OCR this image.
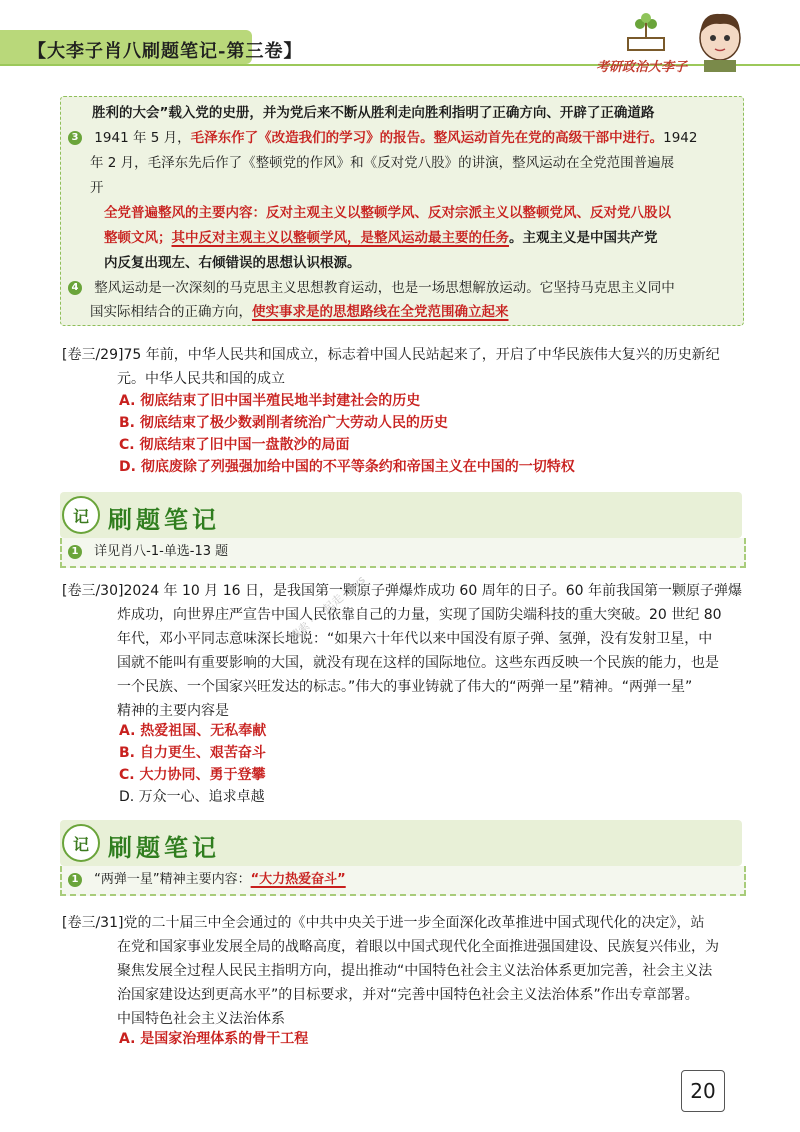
【大李子肖八刷题笔记-第三卷】
考研政治大李子
胜利的大会”载入党的史册，并为党后来不断从胜利走向胜利指明了正确方向、开辟了正确道路
3 1941 年 5 月，毛泽东作了《改造我们的学习》的报告。整风运动首先在党的高级干部中进行。1942
年 2 月，毛泽东先后作了《整顿党的作风》和《反对党八股》的讲演，整风运动在全党范围普遍展
开
全党普遍整风的主要内容：反对主观主义以整顿学风、反对宗派主义以整顿党风、反对党八股以
整顿文风；其中反对主观主义以整顿学风，是整风运动最主要的任务。主观主义是中国共产党
内反复出现左、右倾错误的思想认识根源。
4 整风运动是一次深刻的马克思主义思想教育运动，也是一场思想解放运动。它坚持马克思主义同中
国实际相结合的正确方向，使实事求是的思想路线在全党范围确立起来
[卷三/29]75 年前，中华人民共和国成立，标志着中国人民站起来了，开启了中华民族伟大复兴的历史新纪
元。中华人民共和国的成立
A. 彻底结束了旧中国半殖民地半封建社会的历史
B. 彻底结束了极少数剥削者统治广大劳动人民的历史
C. 彻底结束了旧中国一盘散沙的局面
D. 彻底废除了列强强加给中国的不平等条约和帝国主义在中国的一切特权
记 刷题笔记
1 详见肖八-1-单选-13 题
[卷三/30]2024 年 10 月 16 日，是我国第一颗原子弹爆炸成功 60 周年的日子。60 年前我国第一颗原子弹爆
炸成功，向世界庄严宣告中国人民依靠自己的力量，实现了国防尖端科技的重大突破。20 世纪 80
年代，邓小平同志意味深长地说：“如果六十年代以来中国没有原子弹、氢弹，没有发射卫星，中
国就不能叫有重要影响的大国，就没有现在这样的国际地位。这些东西反映一个民族的能力，也是
一个民族、一个国家兴旺发达的标志。”伟大的事业铸就了伟大的“两弹一星”精神。“两弹一星”
精神的主要内容是
A. 热爱祖国、无私奉献
B. 自力更生、艰苦奋斗
C. 大力协同、勇于登攀
D. 万众一心、追求卓越
搜索 · 一起走 · kys
记 刷题笔记
1 “两弹一星”精神主要内容：“大力热爱奋斗”
[卷三/31]党的二十届三中全会通过的《中共中央关于进一步全面深化改革推进中国式现代化的决定》，站
在党和国家事业发展全局的战略高度，着眼以中国式现代化全面推进强国建设、民族复兴伟业，为
聚焦发展全过程人民民主指明方向，提出推动“中国特色社会主义法治体系更加完善，社会主义法
治国家建设达到更高水平”的目标要求，并对“完善中国特色社会主义法治体系”作出专章部署。
中国特色社会主义法治体系
A. 是国家治理体系的骨干工程
20
